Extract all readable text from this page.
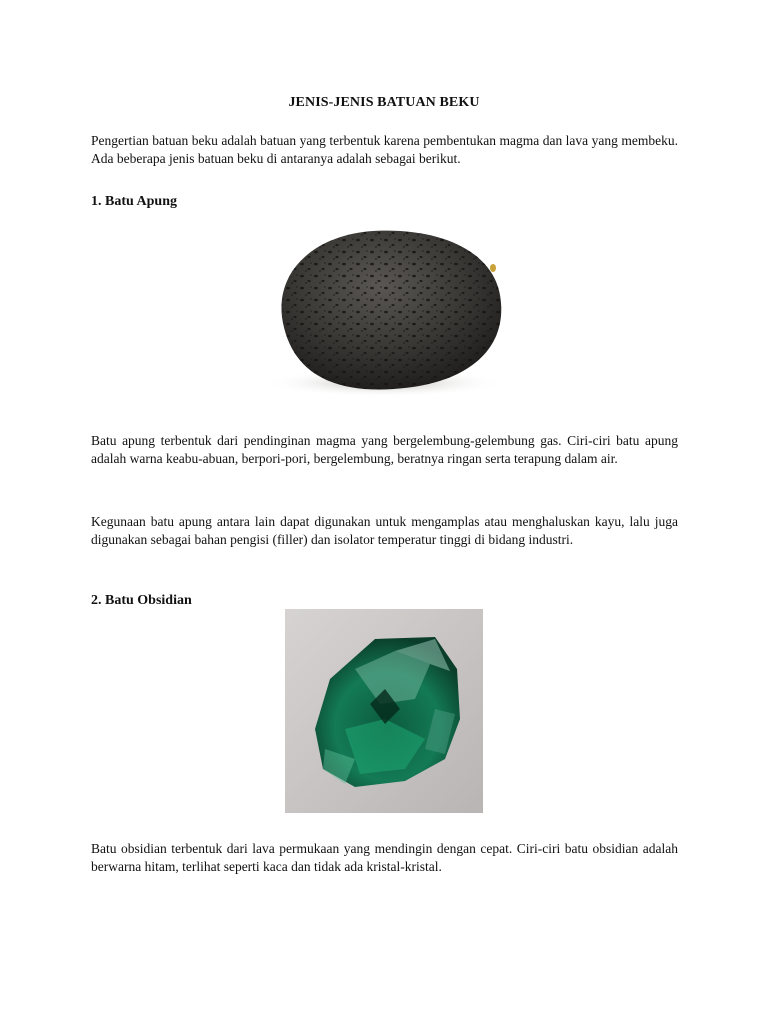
JENIS-JENIS BATUAN BEKU

Pengertian batuan beku adalah batuan yang terbentuk karena pembentukan magma dan lava yang membeku. Ada beberapa jenis batuan beku di antaranya adalah sebagai berikut.

1. Batu Apung

Batu apung terbentuk dari pendinginan magma yang bergelembung-gelembung gas. Ciri-ciri batu apung adalah warna keabu-abuan, berpori-pori, bergelembung, beratnya ringan serta terapung dalam air.

Kegunaan batu apung antara lain dapat digunakan untuk mengamplas atau menghaluskan kayu, lalu juga digunakan sebagai bahan pengisi (filler) dan isolator temperatur tinggi di bidang industri.

2. Batu Obsidian

Batu obsidian terbentuk dari lava permukaan yang mendingin dengan cepat. Ciri-ciri batu obsidian adalah berwarna hitam, terlihat seperti kaca dan tidak ada kristal-kristal.
